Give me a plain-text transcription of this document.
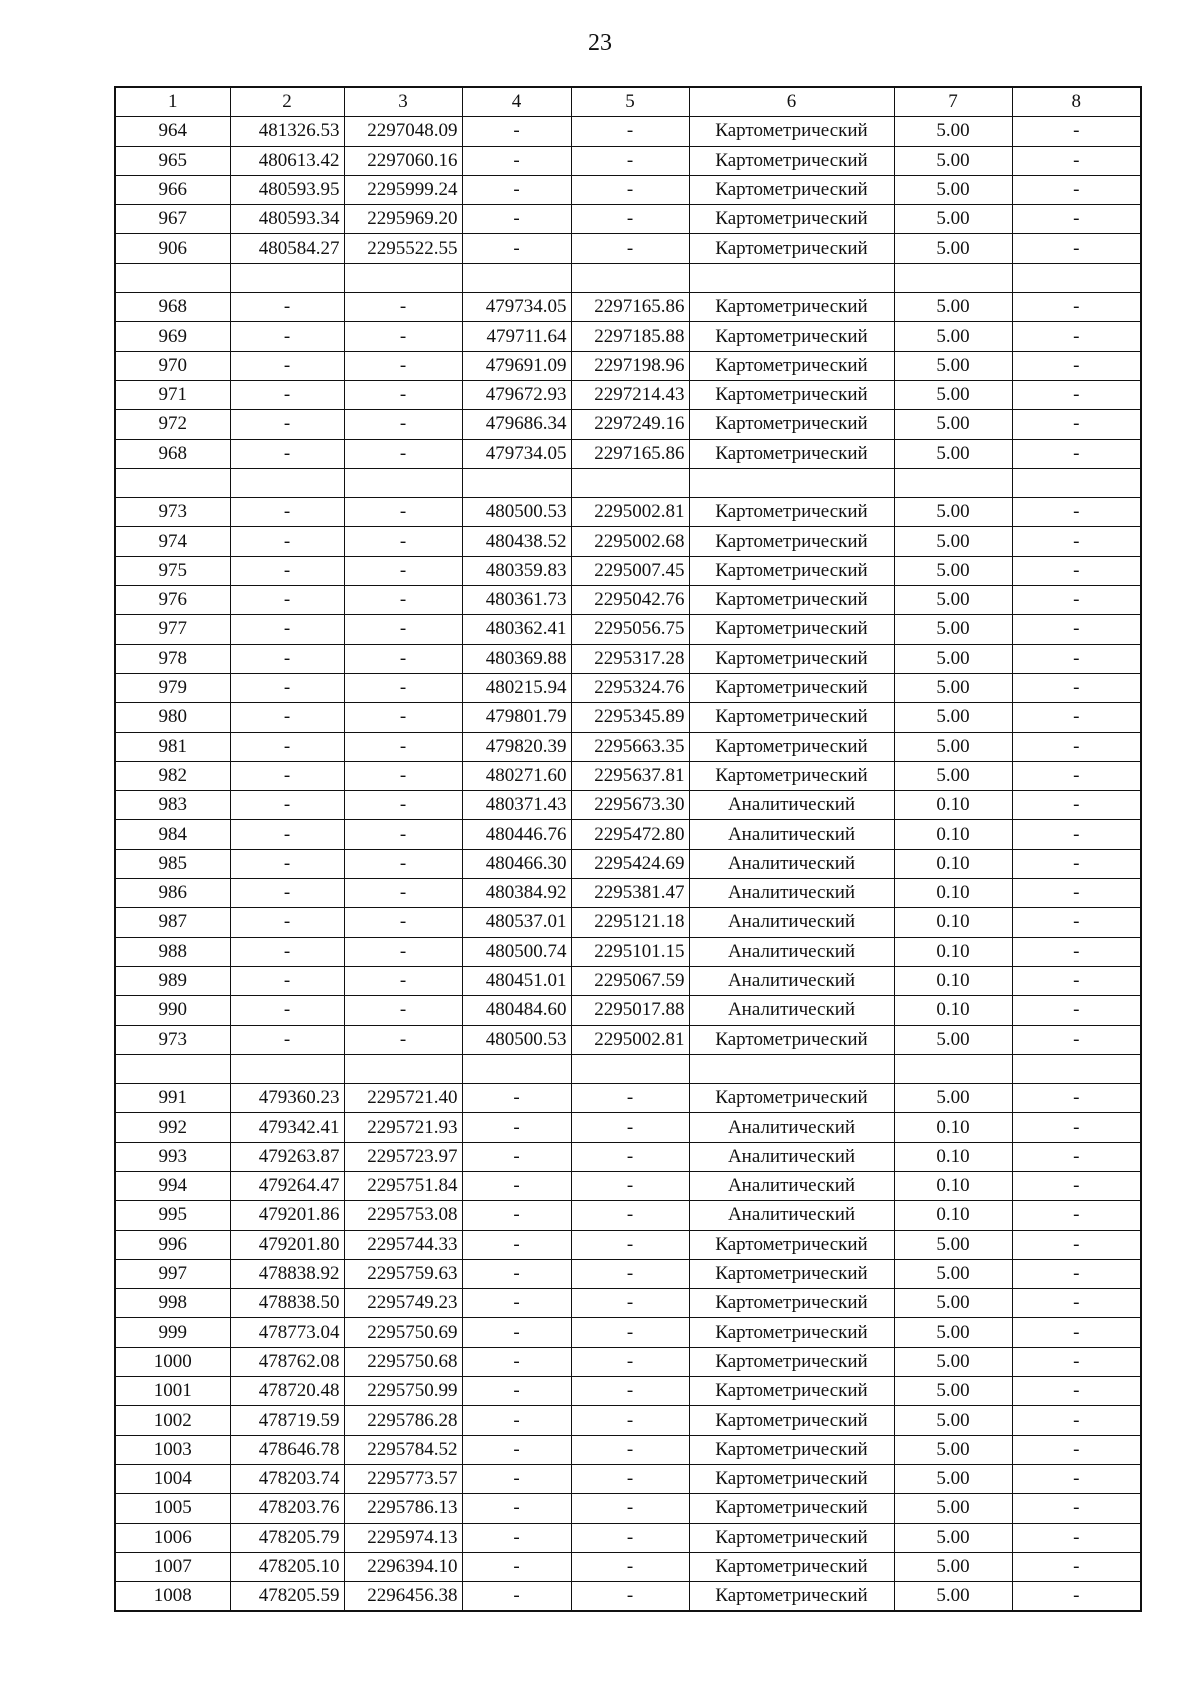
23
1	2	3	4	5	6	7	8
964	481326.53	2297048.09	-	-	Картометрический	5.00	-
965	480613.42	2297060.16	-	-	Картометрический	5.00	-
966	480593.95	2295999.24	-	-	Картометрический	5.00	-
967	480593.34	2295969.20	-	-	Картометрический	5.00	-
906	480584.27	2295522.55	-	-	Картометрический	5.00	-

968	-	-	479734.05	2297165.86	Картометрический	5.00	-
969	-	-	479711.64	2297185.88	Картометрический	5.00	-
970	-	-	479691.09	2297198.96	Картометрический	5.00	-
971	-	-	479672.93	2297214.43	Картометрический	5.00	-
972	-	-	479686.34	2297249.16	Картометрический	5.00	-
968	-	-	479734.05	2297165.86	Картометрический	5.00	-

973	-	-	480500.53	2295002.81	Картометрический	5.00	-
974	-	-	480438.52	2295002.68	Картометрический	5.00	-
975	-	-	480359.83	2295007.45	Картометрический	5.00	-
976	-	-	480361.73	2295042.76	Картометрический	5.00	-
977	-	-	480362.41	2295056.75	Картометрический	5.00	-
978	-	-	480369.88	2295317.28	Картометрический	5.00	-
979	-	-	480215.94	2295324.76	Картометрический	5.00	-
980	-	-	479801.79	2295345.89	Картометрический	5.00	-
981	-	-	479820.39	2295663.35	Картометрический	5.00	-
982	-	-	480271.60	2295637.81	Картометрический	5.00	-
983	-	-	480371.43	2295673.30	Аналитический	0.10	-
984	-	-	480446.76	2295472.80	Аналитический	0.10	-
985	-	-	480466.30	2295424.69	Аналитический	0.10	-
986	-	-	480384.92	2295381.47	Аналитический	0.10	-
987	-	-	480537.01	2295121.18	Аналитический	0.10	-
988	-	-	480500.74	2295101.15	Аналитический	0.10	-
989	-	-	480451.01	2295067.59	Аналитический	0.10	-
990	-	-	480484.60	2295017.88	Аналитический	0.10	-
973	-	-	480500.53	2295002.81	Картометрический	5.00	-

991	479360.23	2295721.40	-	-	Картометрический	5.00	-
992	479342.41	2295721.93	-	-	Аналитический	0.10	-
993	479263.87	2295723.97	-	-	Аналитический	0.10	-
994	479264.47	2295751.84	-	-	Аналитический	0.10	-
995	479201.86	2295753.08	-	-	Аналитический	0.10	-
996	479201.80	2295744.33	-	-	Картометрический	5.00	-
997	478838.92	2295759.63	-	-	Картометрический	5.00	-
998	478838.50	2295749.23	-	-	Картометрический	5.00	-
999	478773.04	2295750.69	-	-	Картометрический	5.00	-
1000	478762.08	2295750.68	-	-	Картометрический	5.00	-
1001	478720.48	2295750.99	-	-	Картометрический	5.00	-
1002	478719.59	2295786.28	-	-	Картометрический	5.00	-
1003	478646.78	2295784.52	-	-	Картометрический	5.00	-
1004	478203.74	2295773.57	-	-	Картометрический	5.00	-
1005	478203.76	2295786.13	-	-	Картометрический	5.00	-
1006	478205.79	2295974.13	-	-	Картометрический	5.00	-
1007	478205.10	2296394.10	-	-	Картометрический	5.00	-
1008	478205.59	2296456.38	-	-	Картометрический	5.00	-
